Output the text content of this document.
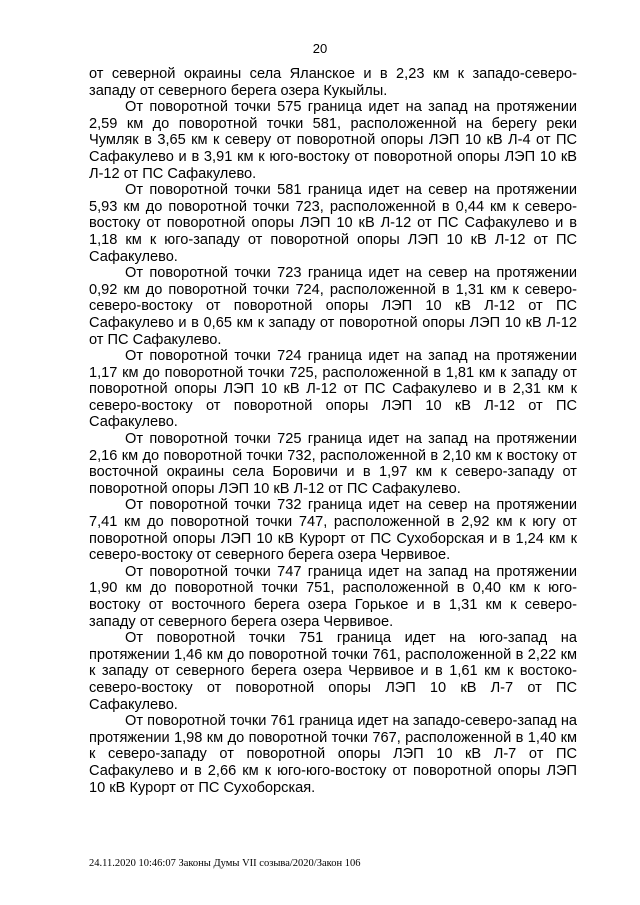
20

от северной окраины села Яланское и в 2,23 км к западо-северо-западу от северного берега озера Кукыйлы.

От поворотной точки 575 граница идет на запад на протяжении 2,59 км до поворотной точки 581, расположенной на берегу реки Чумляк в 3,65 км к северу от поворотной опоры ЛЭП 10 кВ Л-4 от ПС Сафакулево и в 3,91 км к юго-востоку от поворотной опоры ЛЭП 10 кВ Л-12 от ПС Сафакулево.

От поворотной точки 581 граница идет на север на протяжении 5,93 км до поворотной точки 723, расположенной в 0,44 км к северо-востоку от поворотной опоры ЛЭП 10 кВ Л-12 от ПС Сафакулево и в 1,18 км к юго-западу от поворотной опоры ЛЭП 10 кВ Л-12 от ПС Сафакулево.

От поворотной точки 723 граница идет на север на протяжении 0,92 км до поворотной точки 724, расположенной в 1,31 км к северо-северо-востоку от поворотной опоры ЛЭП 10 кВ Л-12 от ПС Сафакулево и в 0,65 км к западу от поворотной опоры ЛЭП 10 кВ Л-12 от ПС Сафакулево.

От поворотной точки 724 граница идет на запад на протяжении 1,17 км до поворотной точки 725, расположенной в 1,81 км к западу от поворотной опоры ЛЭП 10 кВ Л-12 от ПС Сафакулево и в 2,31 км к северо-востоку от поворотной опоры ЛЭП 10 кВ Л-12 от ПС Сафакулево.

От поворотной точки 725 граница идет на запад на протяжении 2,16 км до поворотной точки 732, расположенной в 2,10 км к востоку от восточной окраины села Боровичи и в 1,97 км к северо-западу от поворотной опоры ЛЭП 10 кВ Л-12 от ПС Сафакулево.

От поворотной точки 732 граница идет на север на протяжении 7,41 км до поворотной точки 747, расположенной в 2,92 км к югу от поворотной опоры ЛЭП 10 кВ Курорт от ПС Сухоборская и в 1,24 км к северо-востоку от северного берега озера Червивое.

От поворотной точки 747 граница идет на запад на протяжении 1,90 км до поворотной точки 751, расположенной в 0,40 км к юго-востоку от восточного берега озера Горькое и в 1,31 км к северо-западу от северного берега озера Червивое.

От поворотной точки 751 граница идет на юго-запад на протяжении 1,46 км до поворотной точки 761, расположенной в 2,22 км к западу от северного берега озера Червивое и в 1,61 км к востоко-северо-востоку от поворотной опоры ЛЭП 10 кВ Л-7 от ПС Сафакулево.

От поворотной точки 761 граница идет на западо-северо-запад на протяжении 1,98 км до поворотной точки 767, расположенной в 1,40 км к северо-западу от поворотной опоры ЛЭП 10 кВ Л-7 от ПС Сафакулево и в 2,66 км к юго-юго-востоку от поворотной опоры ЛЭП 10 кВ Курорт от ПС Сухоборская.

24.11.2020 10:46:07 Законы Думы VII созыва/2020/Закон 106
